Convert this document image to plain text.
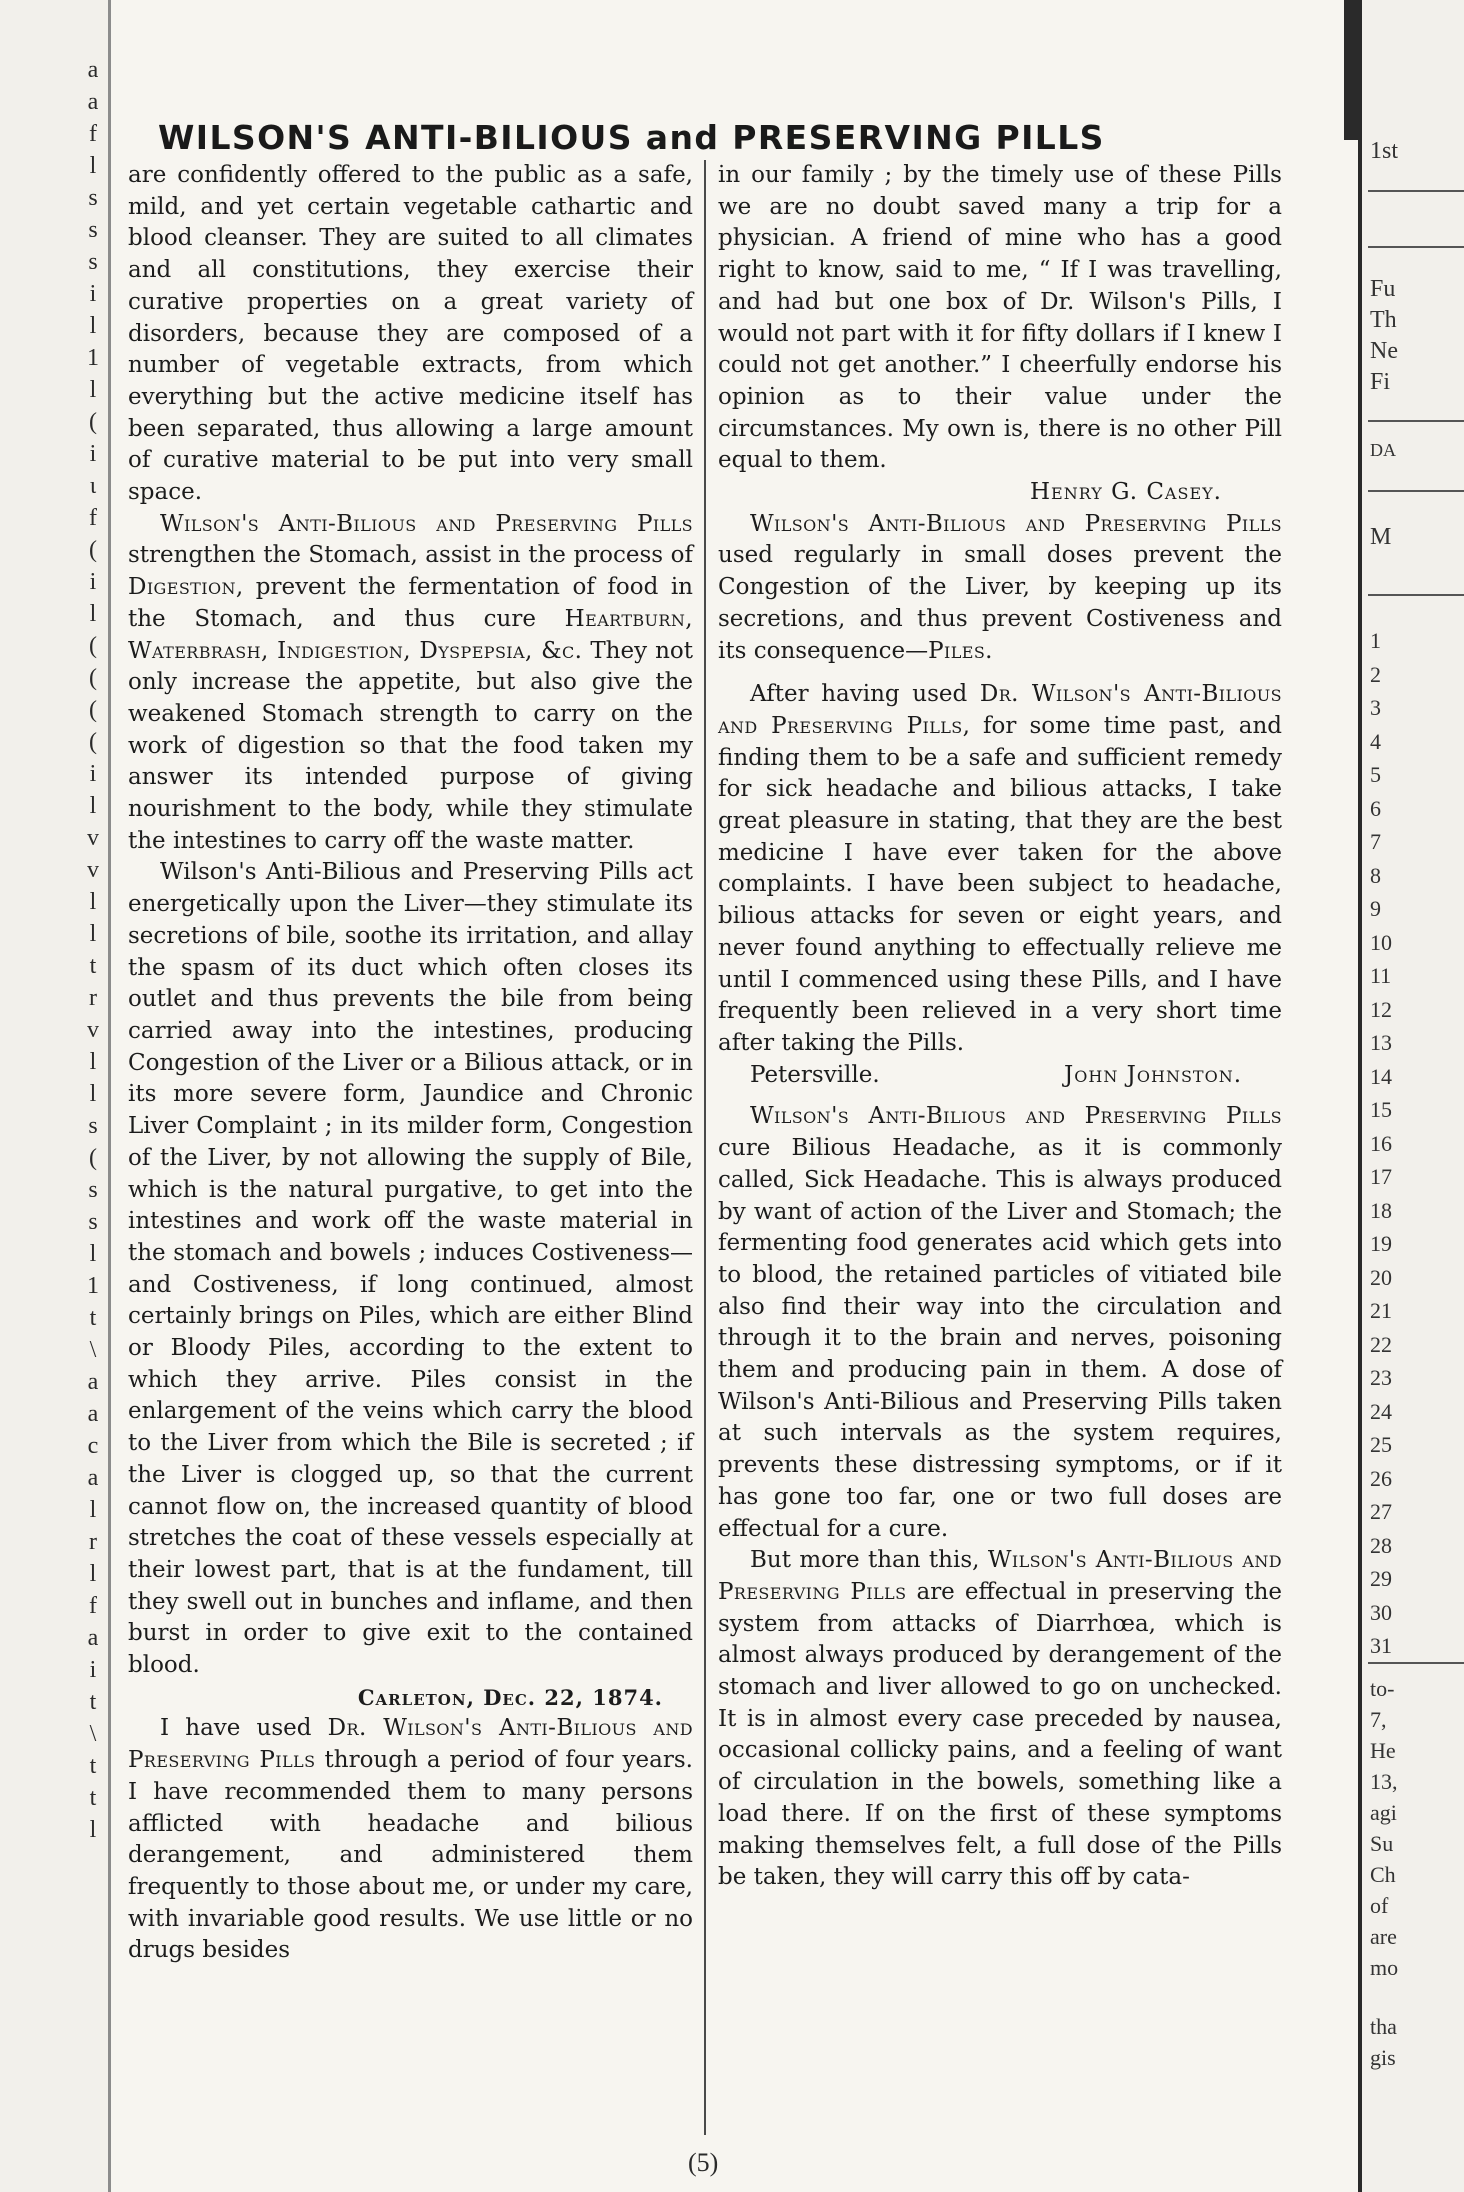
a
a
f
l
s
s
s
i
l
1
l
(
i
ι
f
(
i
l
(
(
(
(
i
l
v
v
l
l
t
r
v
l
l
s
(
s
s
l
1
t
\
a
a
c
a
l
r
l
f
a
i
t
\
t
t
l
1st
Fu
Th
Ne
Fi
DA
M
1
2
3
4
5
6
7
8
9
10
11
12
13
14
15
16
17
18
19
20
21
22
23
24
25
26
27
28
29
30
31
to-
7,
He
13,
agi
Su
Ch
of
are
mo
tha
gis
WILSON'S ANTI-BILIOUS and PRESERVING PILLS

are confidently offered to the public as a safe, mild, and yet certain vegetable cathartic and blood cleanser. They are suited to all climates and all constitutions, they exercise their curative properties on a great variety of disorders, because they are composed of a number of vegetable extracts, from which everything but the active medicine itself has been separated, thus allowing a large amount of curative material to be put into very small space.

Wilson's Anti-Bilious and Preserving Pills strengthen the Stomach, assist in the process of Digestion, prevent the fermentation of food in the Stomach, and thus cure Heartburn, Waterbrash, Indigestion, Dyspepsia, &c. They not only increase the appetite, but also give the weakened Stomach strength to carry on the work of digestion so that the food taken my answer its intended purpose of giving nourishment to the body, while they stimulate the intestines to carry off the waste matter.

Wilson's Anti-Bilious and Preserving Pills act energetically upon the Liver—they stimulate its secretions of bile, soothe its irritation, and allay the spasm of its duct which often closes its outlet and thus prevents the bile from being carried away into the intestines, producing Congestion of the Liver or a Bilious attack, or in its more severe form, Jaundice and Chronic Liver Complaint ; in its milder form, Congestion of the Liver, by not allowing the supply of Bile, which is the natural purgative, to get into the intestines and work off the waste material in the stomach and bowels ; induces Costiveness—and Costiveness, if long continued, almost certainly brings on Piles, which are either Blind or Bloody Piles, according to the extent to which they arrive. Piles consist in the enlargement of the veins which carry the blood to the Liver from which the Bile is secreted ; if the Liver is clogged up, so that the current cannot flow on, the increased quantity of blood stretches the coat of these vessels especially at their lowest part, that is at the fundament, till they swell out in bunches and inflame, and then burst in order to give exit to the contained blood.

Carleton, Dec. 22, 1874.

I have used Dr. Wilson's Anti-Bilious and Preserving Pills through a period of four years. I have recommended them to many persons afflicted with headache and bilious derangement, and administered them frequently to those about me, or under my care, with invariable good results. We use little or no drugs besides

in our family ; by the timely use of these Pills we are no doubt saved many a trip for a physician. A friend of mine who has a good right to know, said to me, “ If I was travelling, and had but one box of Dr. Wilson's Pills, I would not part with it for fifty dollars if I knew I could not get another.” I cheerfully endorse his opinion as to their value under the circumstances. My own is, there is no other Pill equal to them.

Henry G. Casey.

Wilson's Anti-Bilious and Preserving Pills used regularly in small doses prevent the Congestion of the Liver, by keeping up its secretions, and thus prevent Costiveness and its consequence—Piles.

After having used Dr. Wilson's Anti-Bilious and Preserving Pills, for some time past, and finding them to be a safe and sufficient remedy for sick headache and bilious attacks, I take great pleasure in stating, that they are the best medicine I have ever taken for the above complaints. I have been subject to headache, bilious attacks for seven or eight years, and never found anything to effectually relieve me until I commenced using these Pills, and I have frequently been relieved in a very short time after taking the Pills.

Petersville.	John Johnston.

Wilson's Anti-Bilious and Preserving Pills cure Bilious Headache, as it is commonly called, Sick Headache. This is always produced by want of action of the Liver and Stomach; the fermenting food generates acid which gets into to blood, the retained particles of vitiated bile also find their way into the circulation and through it to the brain and nerves, poisoning them and producing pain in them. A dose of Wilson's Anti-Bilious and Preserving Pills taken at such intervals as the system requires, prevents these distressing symptoms, or if it has gone too far, one or two full doses are effectual for a cure.

But more than this, Wilson's Anti-Bilious and Preserving Pills are effectual in preserving the system from attacks of Diarrhœa, which is almost always produced by derangement of the stomach and liver allowed to go on unchecked. It is in almost every case preceded by nausea, occasional collicky pains, and a feeling of want of circulation in the bowels, something like a load there. If on the first of these symptoms making themselves felt, a full dose of the Pills be taken, they will carry this off by cata-

(5)
